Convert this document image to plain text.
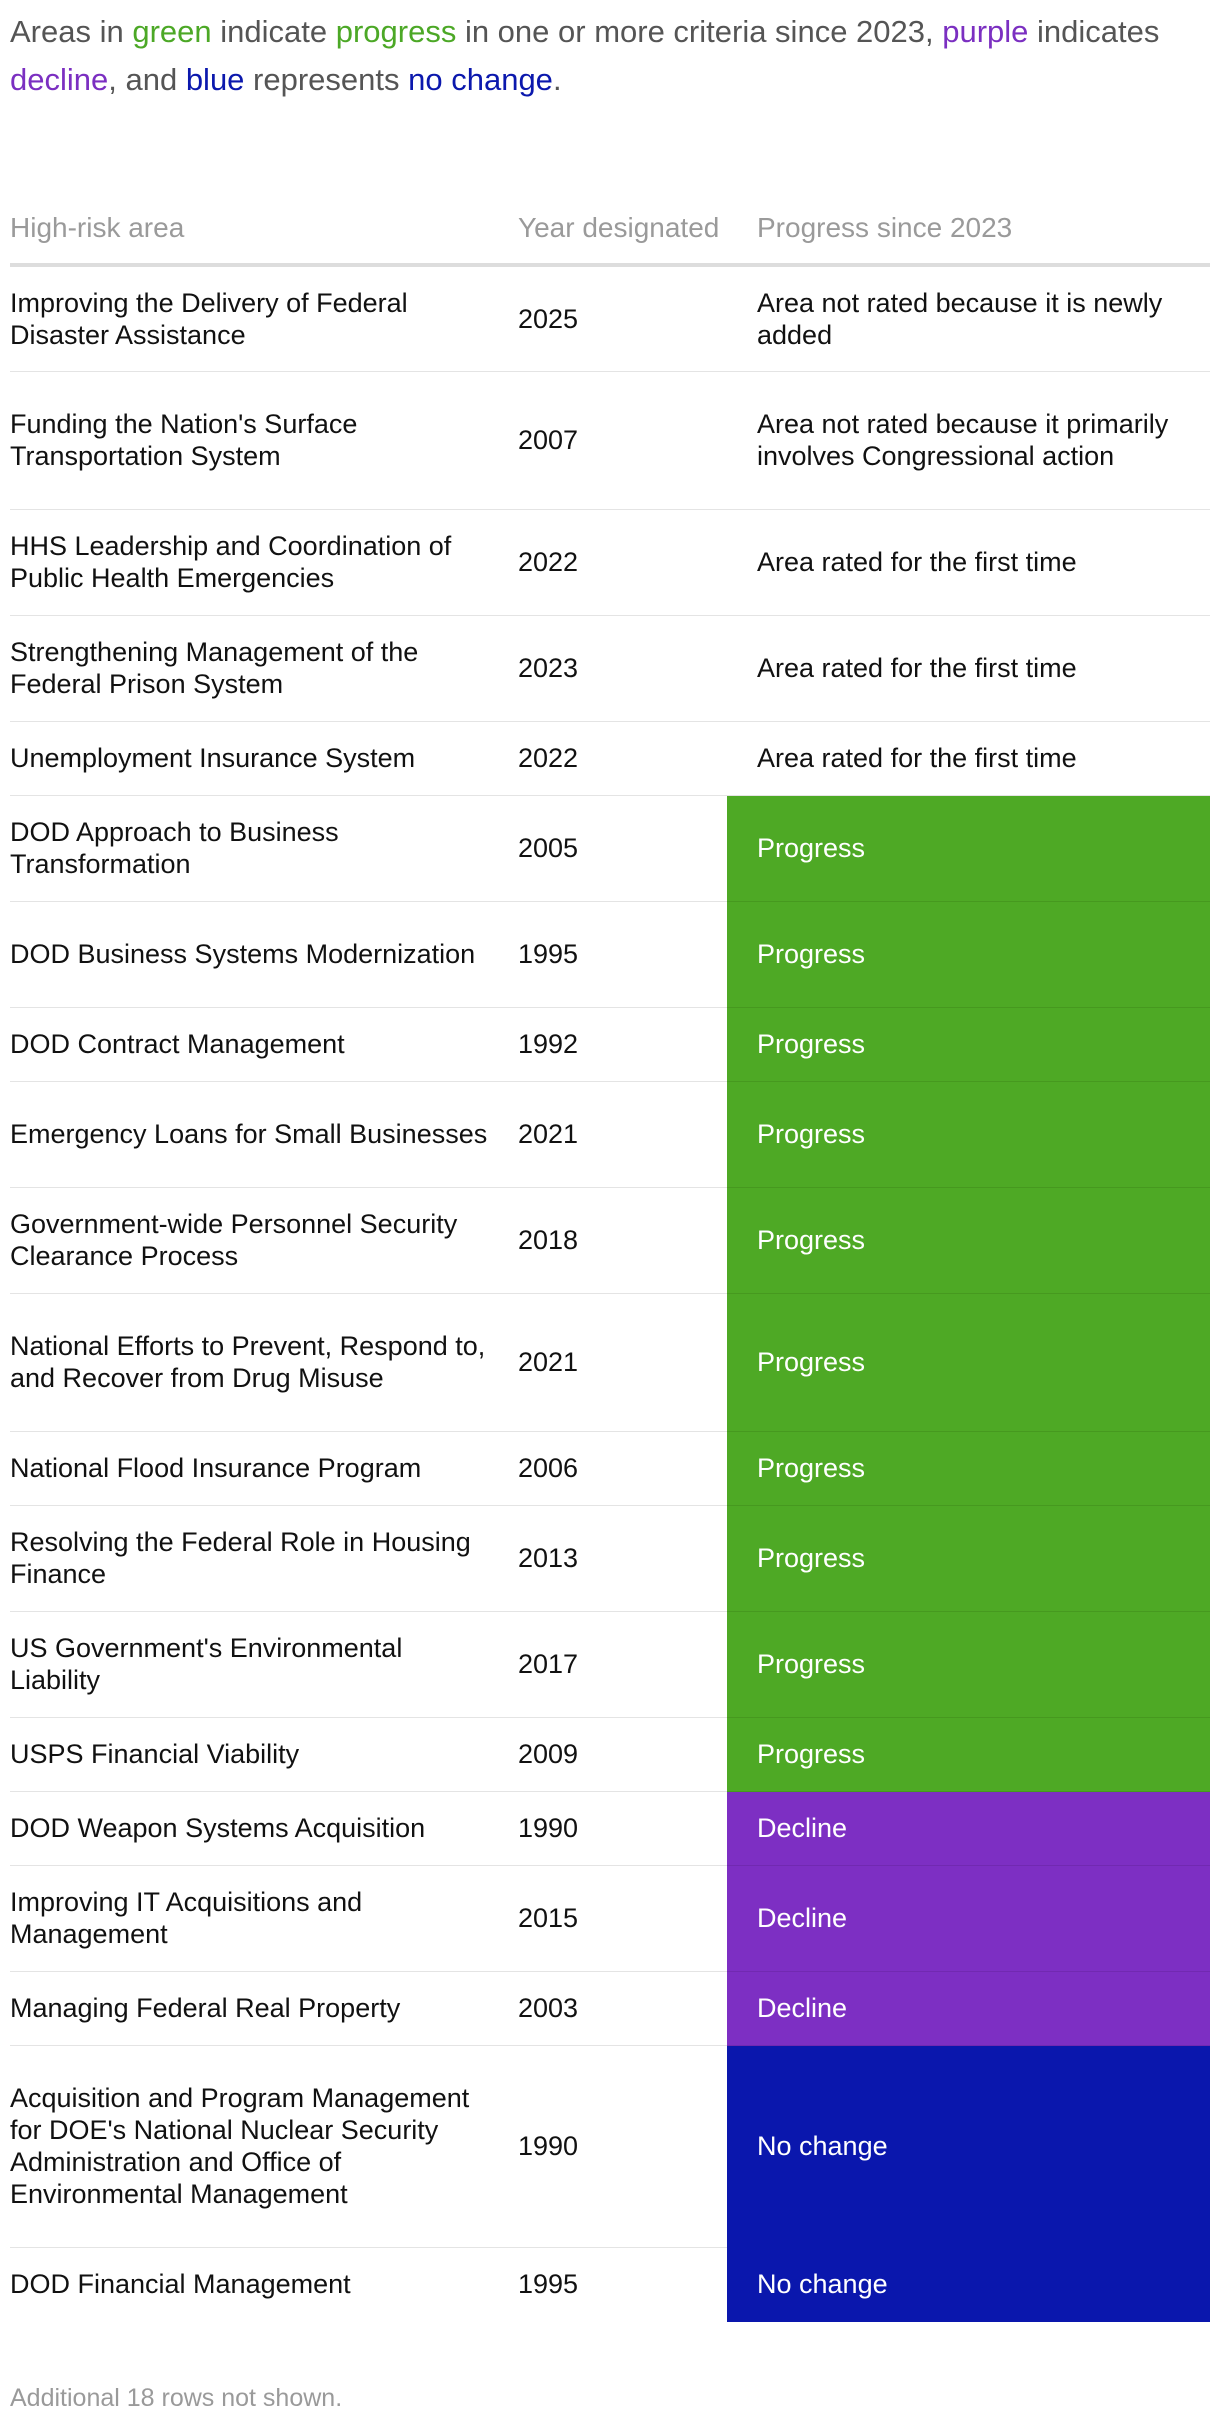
Areas in green indicate progress in one or more criteria since 2023, purple indicates decline, and blue represents no change.

High-risk area	Year designated	Progress since 2023
Improving the Delivery of Federal Disaster Assistance	2025	Area not rated because it is newly added
Funding the Nation's Surface Transportation System	2007	Area not rated because it primarily involves Congressional action
HHS Leadership and Coordination of Public Health Emergencies	2022	Area rated for the first time
Strengthening Management of the Federal Prison System	2023	Area rated for the first time
Unemployment Insurance System	2022	Area rated for the first time
DOD Approach to Business Transformation	2005	Progress
DOD Business Systems Modernization	1995	Progress
DOD Contract Management	1992	Progress
Emergency Loans for Small Businesses	2021	Progress
Government-wide Personnel Security Clearance Process	2018	Progress
National Efforts to Prevent, Respond to, and Recover from Drug Misuse	2021	Progress
National Flood Insurance Program	2006	Progress
Resolving the Federal Role in Housing Finance	2013	Progress
US Government's Environmental Liability	2017	Progress
USPS Financial Viability	2009	Progress
DOD Weapon Systems Acquisition	1990	Decline
Improving IT Acquisitions and Management	2015	Decline
Managing Federal Real Property	2003	Decline
Acquisition and Program Management for DOE's National Nuclear Security Administration and Office of Environmental Management	1990	No change
DOD Financial Management	1995	No change
Additional 18 rows not shown.
